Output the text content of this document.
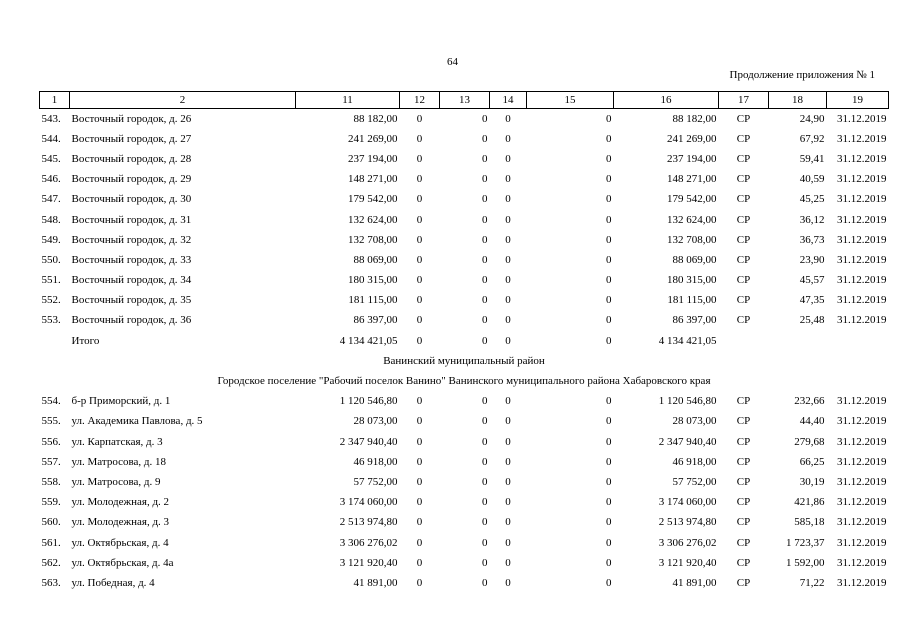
64
Продолжение приложения № 1
1	2	11	12	13	14	15	16	17	18	19
543.	Восточный городок, д. 26	88 182,00	0	0	0	0	88 182,00	СР	24,90	31.12.2019
544.	Восточный городок, д. 27	241 269,00	0	0	0	0	241 269,00	СР	67,92	31.12.2019
545.	Восточный городок, д. 28	237 194,00	0	0	0	0	237 194,00	СР	59,41	31.12.2019
546.	Восточный городок, д. 29	148 271,00	0	0	0	0	148 271,00	СР	40,59	31.12.2019
547.	Восточный городок, д. 30	179 542,00	0	0	0	0	179 542,00	СР	45,25	31.12.2019
548.	Восточный городок, д. 31	132 624,00	0	0	0	0	132 624,00	СР	36,12	31.12.2019
549.	Восточный городок, д. 32	132 708,00	0	0	0	0	132 708,00	СР	36,73	31.12.2019
550.	Восточный городок, д. 33	88 069,00	0	0	0	0	88 069,00	СР	23,90	31.12.2019
551.	Восточный городок, д. 34	180 315,00	0	0	0	0	180 315,00	СР	45,57	31.12.2019
552.	Восточный городок, д. 35	181 115,00	0	0	0	0	181 115,00	СР	47,35	31.12.2019
553.	Восточный городок, д. 36	86 397,00	0	0	0	0	86 397,00	СР	25,48	31.12.2019
	Итого	4 134 421,05	0	0	0	0	4 134 421,05			
Ванинский муниципальный район										
Городское поселение "Рабочий поселок Ванино" Ванинского муниципального района Хабаровского края										
554.	б-р Приморский, д. 1	1 120 546,80	0	0	0	0	1 120 546,80	СР	232,66	31.12.2019
555.	ул. Академика Павлова, д. 5	28 073,00	0	0	0	0	28 073,00	СР	44,40	31.12.2019
556.	ул. Карпатская, д. 3	2 347 940,40	0	0	0	0	2 347 940,40	СР	279,68	31.12.2019
557.	ул. Матросова, д. 18	46 918,00	0	0	0	0	46 918,00	СР	66,25	31.12.2019
558.	ул. Матросова, д. 9	57 752,00	0	0	0	0	57 752,00	СР	30,19	31.12.2019
559.	ул. Молодежная, д. 2	3 174 060,00	0	0	0	0	3 174 060,00	СР	421,86	31.12.2019
560.	ул. Молодежная, д. 3	2 513 974,80	0	0	0	0	2 513 974,80	СР	585,18	31.12.2019
561.	ул. Октябрьская, д. 4	3 306 276,02	0	0	0	0	3 306 276,02	СР	1 723,37	31.12.2019
562.	ул. Октябрьская, д. 4а	3 121 920,40	0	0	0	0	3 121 920,40	СР	1 592,00	31.12.2019
563.	ул. Победная, д. 4	41 891,00	0	0	0	0	41 891,00	СР	71,22	31.12.2019
